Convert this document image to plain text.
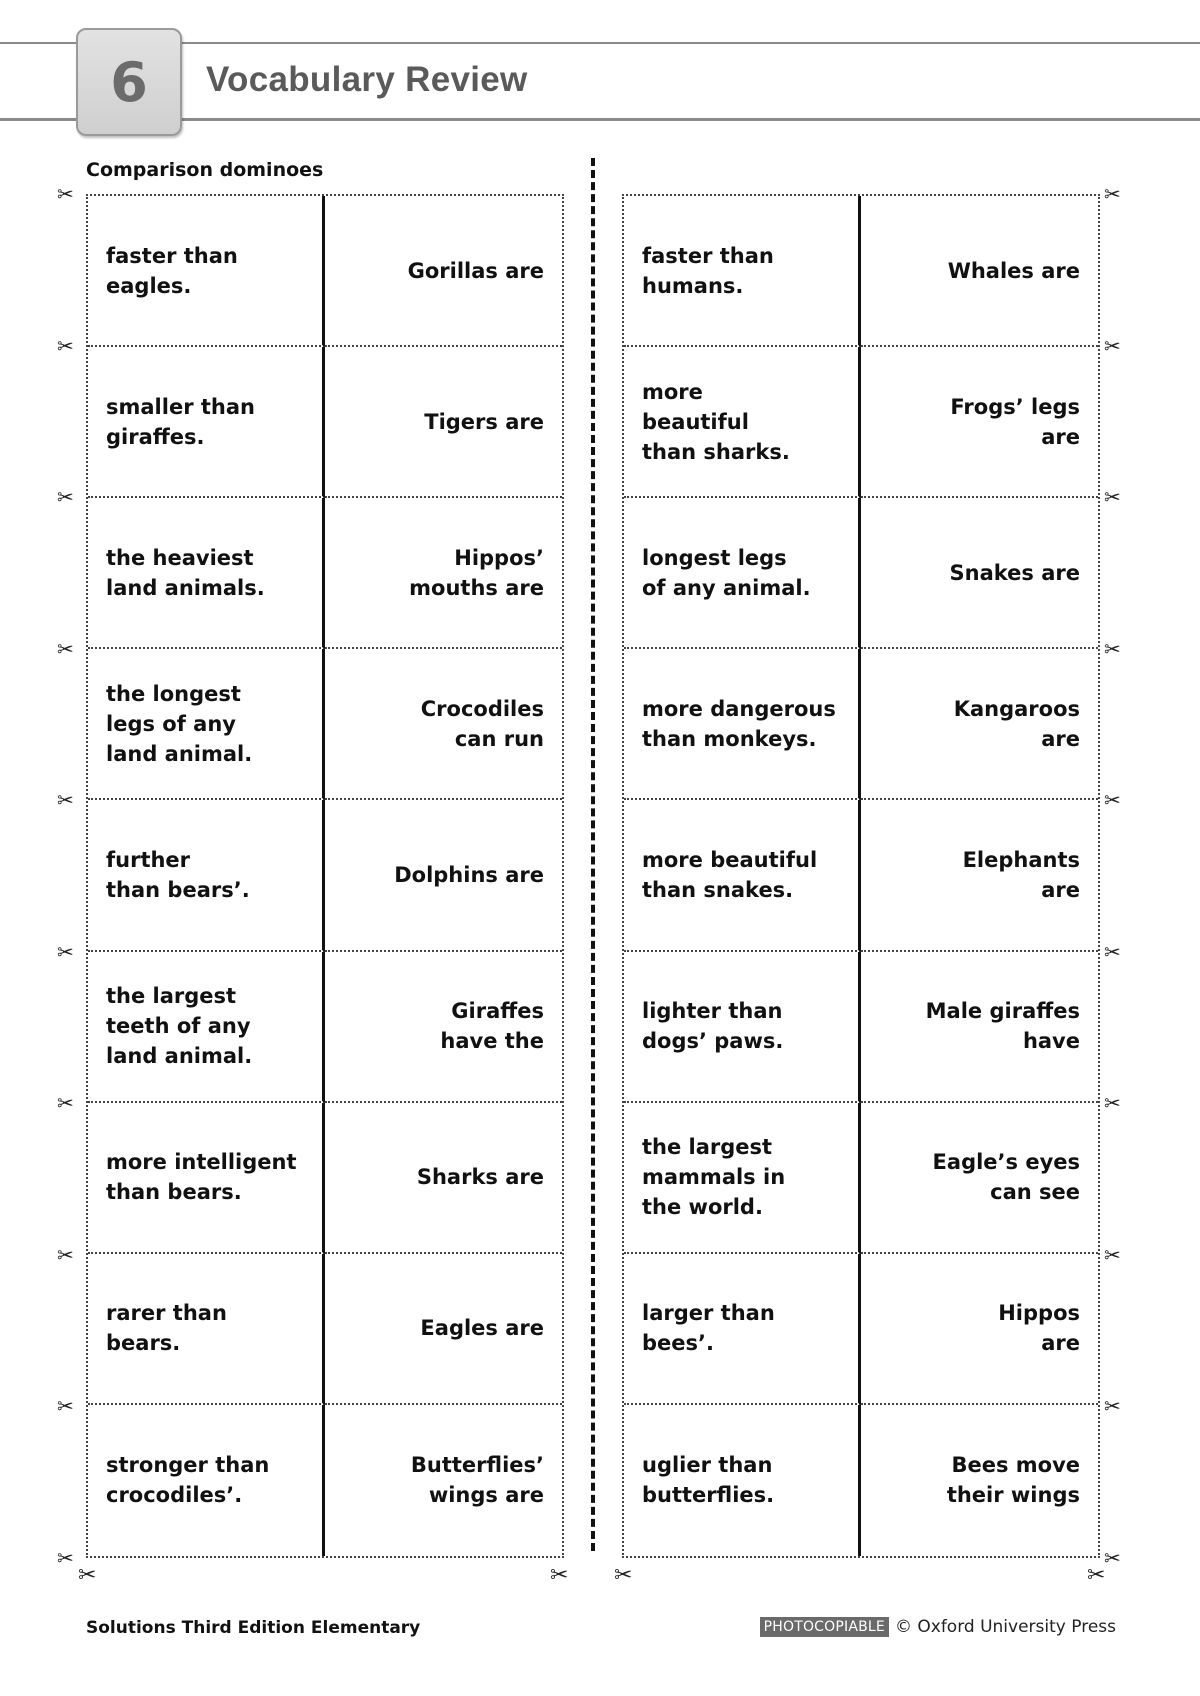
6	Vocabulary Review
Comparison dominoes
faster than
eagles.
Gorillas are
smaller than
giraffes.
Tigers are
the heaviest
land animals.
Hippos’
mouths are
the longest
legs of any
land animal.
Crocodiles
can run
further
than bears’.
Dolphins are
the largest
teeth of any
land animal.
Giraffes
have the
more intelligent
than bears.
Sharks are
rarer than
bears.
Eagles are
stronger than
crocodiles’.
Butterflies’
wings are
faster than
humans.
Whales are
more
beautiful
than sharks.
Frogs’ legs
are
longest legs
of any animal.
Snakes are
more dangerous
than monkeys.
Kangaroos
are
more beautiful
than snakes.
Elephants
are
lighter than
dogs’ paws.
Male giraffes
have
the largest
mammals in
the world.
Eagle’s eyes
can see
larger than
bees’.
Hippos
are
uglier than
butterflies.
Bees move
their wings
✂	✂
✂	✂
✂	✂
✂	✂
✂	✂
✂	✂
✂	✂
✂	✂
✂	✂
✂	✂
✂	✂ ✂	✂
Solutions Third Edition Elementary	PHOTOCOPIABLE © Oxford University Press
